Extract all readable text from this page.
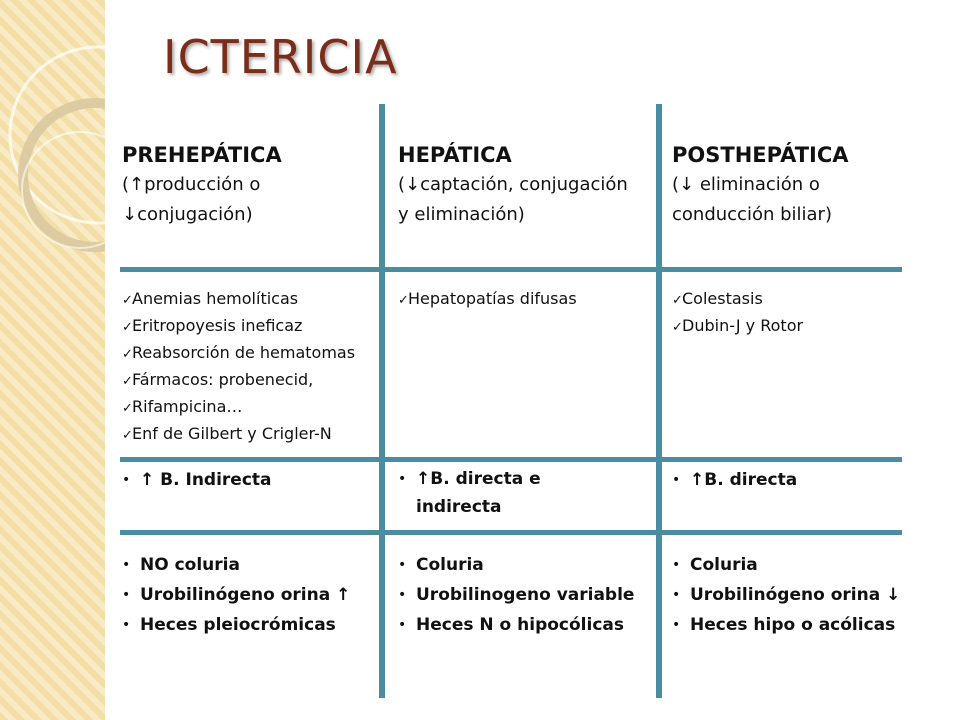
ICTERICIA
PREHEPÁTICA
(↑producción o ↓conjugación)
✓Anemias hemolíticas
✓Eritropoyesis ineficaz
✓Reabsorción de hematomas
✓Fármacos: probenecid,
✓Rifampicina…
✓Enf de Gilbert y Crigler-N
• ↑ B. Indirecta
• NO coluria
• Urobilinógeno orina ↑
• Heces pleiocrómicas
HEPÁTICA
(↓captación, conjugación y eliminación)
✓Hepatopatías difusas
• ↑B. directa e indirecta
• Coluria
• Urobilinogeno variable
• Heces N o hipocólicas
POSTHEPÁTICA
(↓ eliminación o conducción biliar)
✓Colestasis
✓Dubin-J y Rotor
• ↑B. directa
• Coluria
• Urobilinógeno orina ↓
• Heces hipo o acólicas
